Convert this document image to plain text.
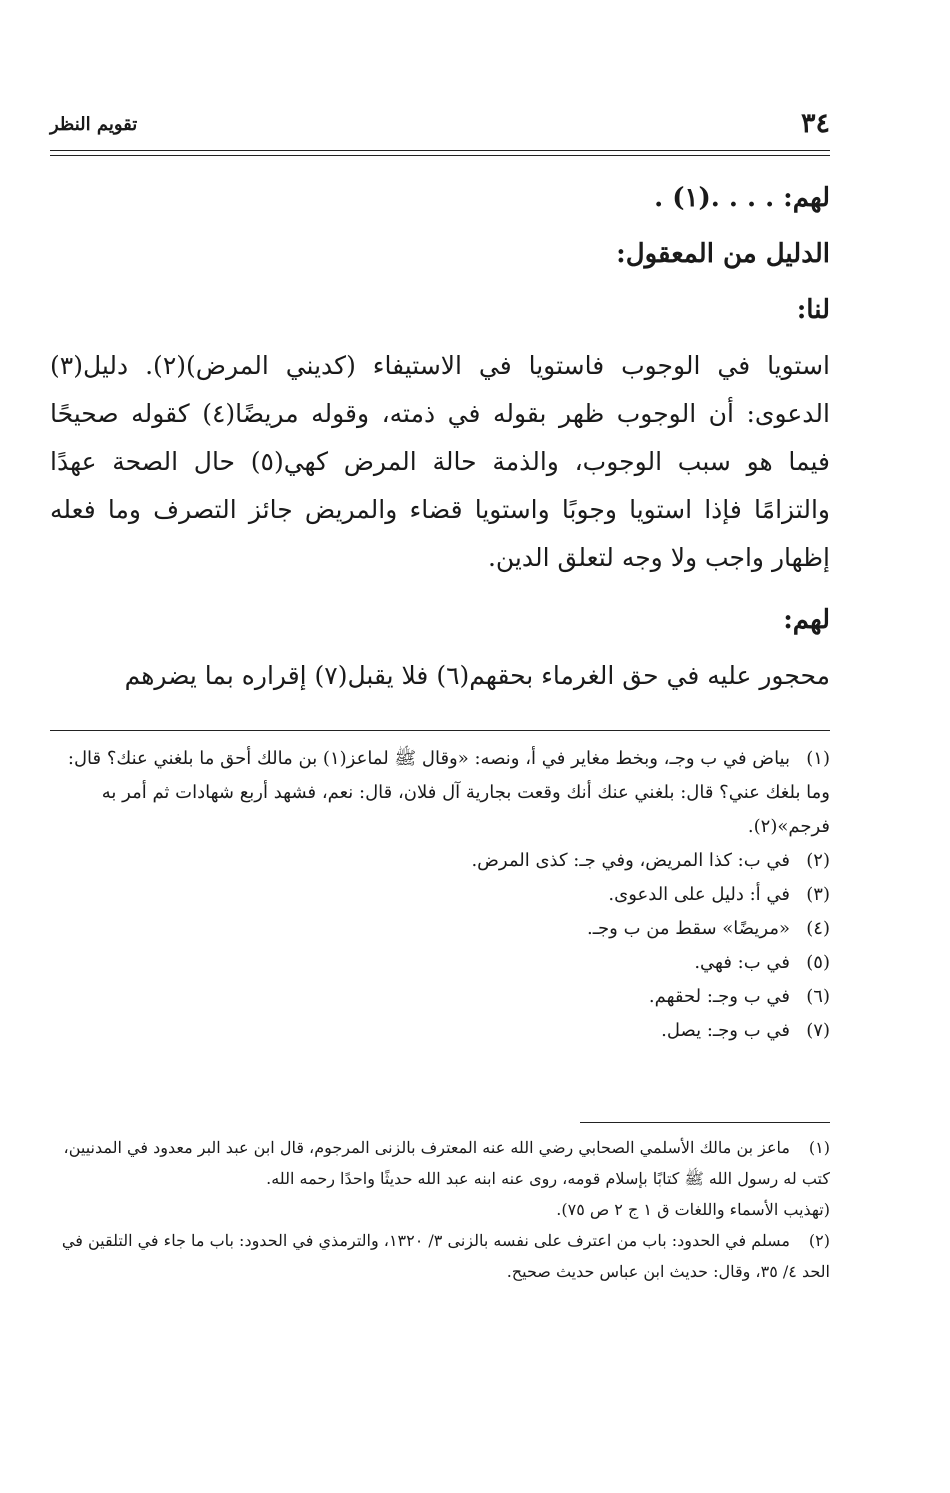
٣٤
تقويم النظر
لهم: . . . .(١) .
الدليل من المعقول:
لنا:
استويا في الوجوب فاستويا في الاستيفاء (كديني المرض)(٢). دليل(٣) الدعوى: أن الوجوب ظهر بقوله في ذمته، وقوله مريضًا(٤) كقوله صحيحًا فيما هو سبب الوجوب، والذمة حالة المرض كهي(٥) حال الصحة عهدًا والتزامًا فإذا استويا وجوبًا واستويا قضاء والمريض جائز التصرف وما فعله إظهار واجب ولا وجه لتعلق الدين.
لهم:
محجور عليه في حق الغرماء بحقهم(٦) فلا يقبل(٧) إقراره بما يضرهم
(١)بياض في ب وجـ، وبخط مغاير في أ، ونصه: «وقال ﷺ لماعز(١) بن مالك أحق ما بلغني عنك؟ قال: وما بلغك عني؟ قال: بلغني عنك أنك وقعت بجارية آل فلان، قال: نعم، فشهد أربع شهادات ثم أمر به فرجم»(٢).
(٢)في ب: كذا المريض، وفي جـ: كذى المرض.
(٣)في أ: دليل على الدعوى.
(٤)«مريضًا» سقط من ب وجـ.
(٥)في ب: فهي.
(٦)في ب وجـ: لحقهم.
(٧)في ب وجـ: يصل.
(١)ماعز بن مالك الأسلمي الصحابي رضي الله عنه المعترف بالزنى المرجوم، قال ابن عبد البر معدود في المدنيين، كتب له رسول الله ﷺ كتابًا بإسلام قومه، روى عنه ابنه عبد الله حديثًا واحدًا رحمه الله.
(تهذيب الأسماء واللغات ق ١ ج ٢ ص ٧٥).
(٢)مسلم في الحدود: باب من اعترف على نفسه بالزنى ٣/ ١٣٢٠، والترمذي في الحدود: باب ما جاء في التلقين في الحد ٤/ ٣٥، وقال: حديث ابن عباس حديث صحيح.
